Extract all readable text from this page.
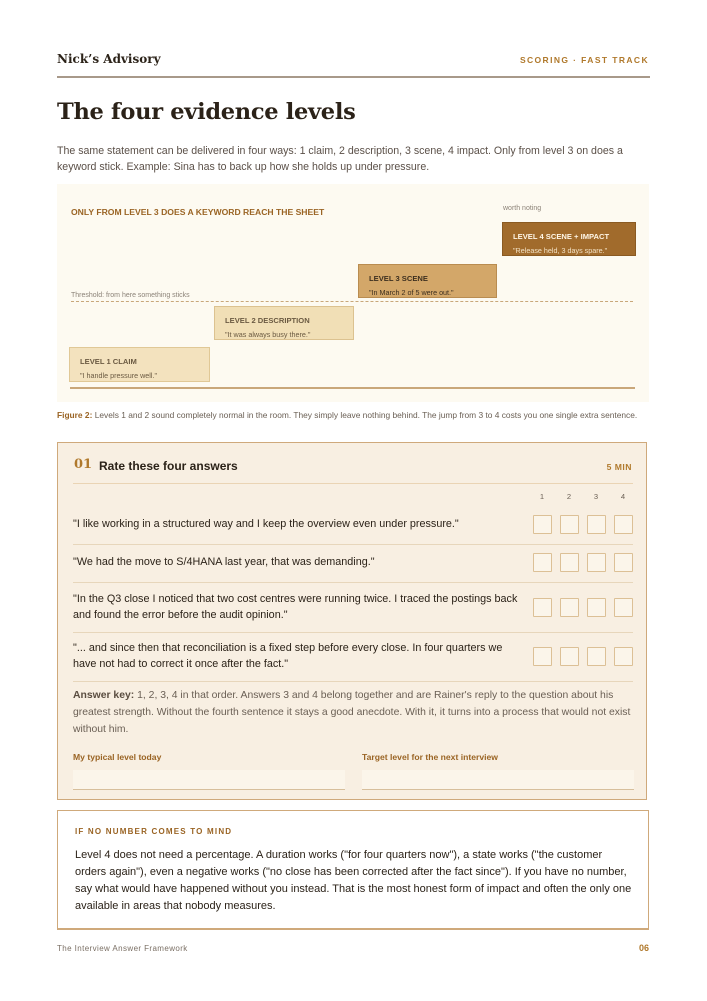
Nick’s Advisory	SCORING · FAST TRACK
The four evidence levels
The same statement can be delivered in four ways: 1 claim, 2 description, 3 scene, 4 impact. Only from level 3 on does a keyword stick. Example: Sina has to back up how she holds up under pressure.
ONLY FROM LEVEL 3 DOES A KEYWORD REACH THE SHEET	worth noting
Threshold: from here something sticks
LEVEL 1 CLAIM
"I handle pressure well."
LEVEL 2 DESCRIPTION
"It was always busy there."
LEVEL 3 SCENE
"In March 2 of 5 were out."
LEVEL 4 SCENE + IMPACT
"Release held, 3 days spare."
Figure 2: Levels 1 and 2 sound completely normal in the room. They simply leave nothing behind. The jump from 3 to 4 costs you one single extra sentence.
01 Rate these four answers	5 MIN
1	2	3	4
"I like working in a structured way and I keep the overview even under pressure."
"We had the move to S/4HANA last year, that was demanding."
"In the Q3 close I noticed that two cost centres were running twice. I traced the postings back and found the error before the audit opinion."
"... and since then that reconciliation is a fixed step before every close. In four quarters we have not had to correct it once after the fact."
Answer key: 1, 2, 3, 4 in that order. Answers 3 and 4 belong together and are Rainer's reply to the question about his greatest strength. Without the fourth sentence it stays a good anecdote. With it, it turns into a process that would not exist without him.
My typical level today	Target level for the next interview
IF NO NUMBER COMES TO MIND
Level 4 does not need a percentage. A duration works ("for four quarters now"), a state works ("the customer orders again"), even a negative works ("no close has been corrected after the fact since"). If you have no number, say what would have happened without you instead. That is the most honest form of impact and often the only one available in areas that nobody measures.
The Interview Answer Framework	06
